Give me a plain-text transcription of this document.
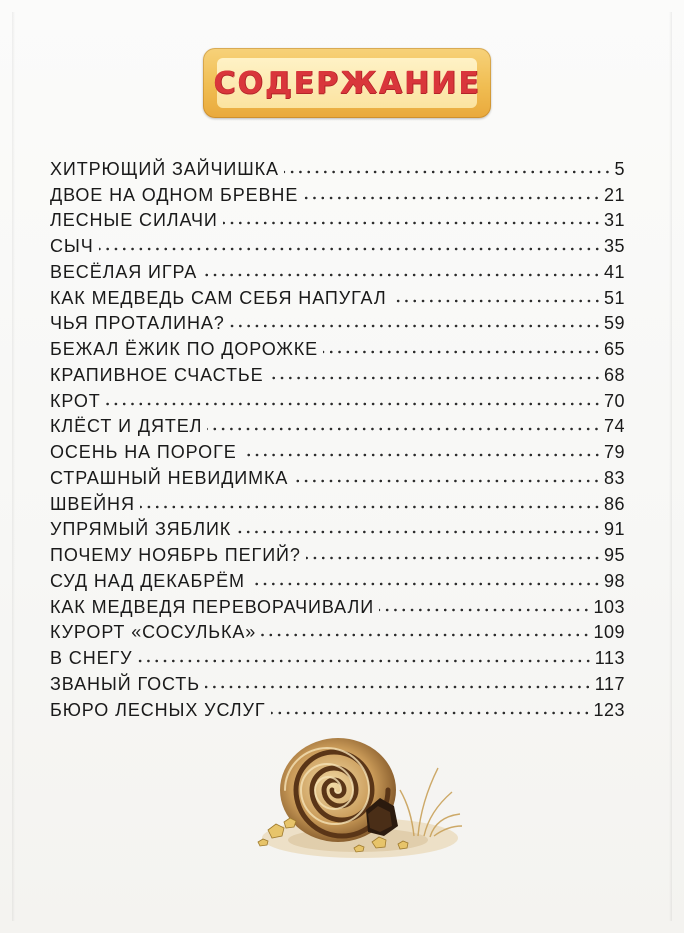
СОДЕРЖАНИЕ
ХИТРЮЩИЙ ЗАЙЧИШКА	5
ДВОЕ НА ОДНОМ БРЕВНЕ	21
ЛЕСНЫЕ СИЛАЧИ	31
СЫЧ	35
ВЕСЁЛАЯ ИГРА	41
КАК МЕДВЕДЬ САМ СЕБЯ НАПУГАЛ	51
ЧЬЯ ПРОТАЛИНА?	59
БЕЖАЛ ЁЖИК ПО ДОРОЖКЕ	65
КРАПИВНОЕ СЧАСТЬЕ	68
КРОТ	70
КЛЁСТ И ДЯТЕЛ	74
ОСЕНЬ НА ПОРОГЕ	79
СТРАШНЫЙ НЕВИДИМКА	83
ШВЕЙНЯ	86
УПРЯМЫЙ ЗЯБЛИК	91
ПОЧЕМУ НОЯБРЬ ПЕГИЙ?	95
СУД НАД ДЕКАБРЁМ	98
КАК МЕДВЕДЯ ПЕРЕВОРАЧИВАЛИ	103
КУРОРТ «СОСУЛЬКА»	109
В СНЕГУ	113
ЗВАНЫЙ ГОСТЬ	117
БЮРО ЛЕСНЫХ УСЛУГ	123
